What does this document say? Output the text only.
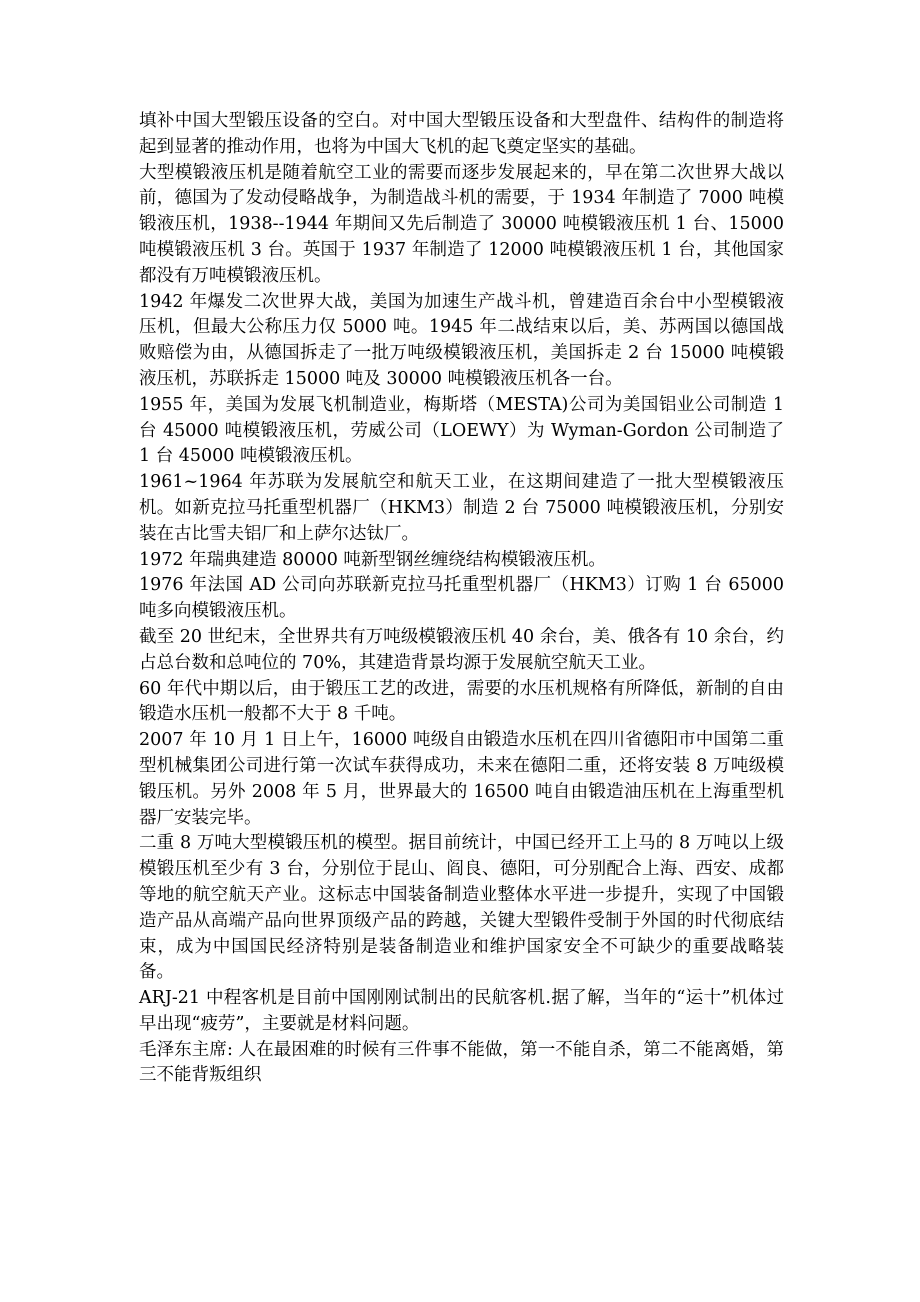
填补中国大型锻压设备的空白。对中国大型锻压设备和大型盘件、结构件的制造将起到显著的推动作用，也将为中国大飞机的起飞奠定坚实的基础。

大型模锻液压机是随着航空工业的需要而逐步发展起来的，早在第二次世界大战以前，德国为了发动侵略战争，为制造战斗机的需要，于 1934 年制造了 7000 吨模锻液压机，1938--1944 年期间又先后制造了 30000 吨模锻液压机 1 台、15000 吨模锻液压机 3 台。英国于 1937 年制造了 12000 吨模锻液压机 1 台，其他国家都没有万吨模锻液压机。

1942 年爆发二次世界大战，美国为加速生产战斗机，曾建造百余台中小型模锻液压机，但最大公称压力仅 5000 吨。1945 年二战结束以后，美、苏两国以德国战败赔偿为由，从德国拆走了一批万吨级模锻液压机，美国拆走 2 台 15000 吨模锻液压机，苏联拆走 15000 吨及 30000 吨模锻液压机各一台。

1955 年，美国为发展飞机制造业，梅斯塔（MESTA)公司为美国铝业公司制造 1 台 45000 吨模锻液压机，劳威公司（LOEWY）为 Wyman-Gordon 公司制造了 1 台 45000 吨模锻液压机。

1961~1964 年苏联为发展航空和航天工业，在这期间建造了一批大型模锻液压机。如新克拉马托重型机器厂（HKM3）制造 2 台 75000 吨模锻液压机，分别安装在古比雪夫铝厂和上萨尔达钛厂。

1972 年瑞典建造 80000 吨新型钢丝缠绕结构模锻液压机。

1976 年法国 AD 公司向苏联新克拉马托重型机器厂（HKM3）订购 1 台 65000 吨多向模锻液压机。

截至 20 世纪末，全世界共有万吨级模锻液压机 40 余台，美、俄各有 10 余台，约占总台数和总吨位的 70%，其建造背景均源于发展航空航天工业。

60 年代中期以后，由于锻压工艺的改进，需要的水压机规格有所降低，新制的自由锻造水压机一般都不大于 8 千吨。

2007 年 10 月 1 日上午，16000 吨级自由锻造水压机在四川省德阳市中国第二重型机械集团公司进行第一次试车获得成功，未来在德阳二重，还将安装 8 万吨级模锻压机。另外 2008 年 5 月，世界最大的 16500 吨自由锻造油压机在上海重型机器厂安装完毕。

二重 8 万吨大型模锻压机的模型。据目前统计，中国已经开工上马的 8 万吨以上级模锻压机至少有 3 台，分别位于昆山、阎良、德阳，可分别配合上海、西安、成都等地的航空航天产业。这标志中国装备制造业整体水平进一步提升，实现了中国锻造产品从高端产品向世界顶级产品的跨越，关键大型锻件受制于外国的时代彻底结束，成为中国国民经济特别是装备制造业和维护国家安全不可缺少的重要战略装备。

ARJ-21 中程客机是目前中国刚刚试制出的民航客机.据了解，当年的“运十”机体过早出现“疲劳”，主要就是材料问题。

毛泽东主席: 人在最困难的时候有三件事不能做，第一不能自杀，第二不能离婚，第三不能背叛组织
